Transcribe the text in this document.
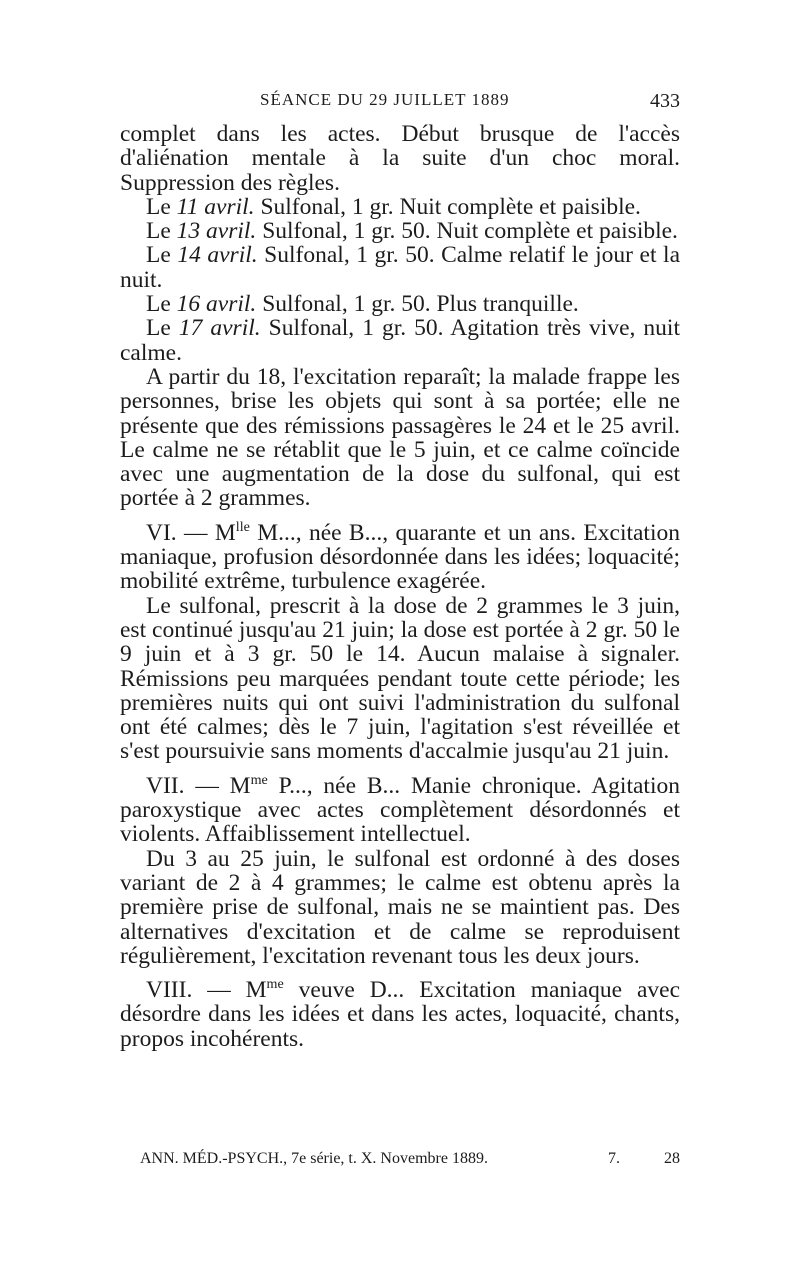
SÉANCE DU 29 JUILLET 1889	433

complet dans les actes. Début brusque de l'accès d'aliénation mentale à la suite d'un choc moral. Suppression des règles.

Le 11 avril. Sulfonal, 1 gr. Nuit complète et paisible.

Le 13 avril. Sulfonal, 1 gr. 50. Nuit complète et paisible.

Le 14 avril. Sulfonal, 1 gr. 50. Calme relatif le jour et la nuit.

Le 16 avril. Sulfonal, 1 gr. 50. Plus tranquille.

Le 17 avril. Sulfonal, 1 gr. 50. Agitation très vive, nuit calme.

A partir du 18, l'excitation reparaît; la malade frappe les personnes, brise les objets qui sont à sa portée; elle ne présente que des rémissions passagères le 24 et le 25 avril. Le calme ne se rétablit que le 5 juin, et ce calme coïncide avec une augmentation de la dose du sulfonal, qui est portée à 2 grammes.

VI. — $M^{lle}$ M..., née B..., quarante et un ans. Excitation maniaque, profusion désordonnée dans les idées; loquacité; mobilité extrême, turbulence exagérée.

Le sulfonal, prescrit à la dose de 2 grammes le 3 juin, est continué jusqu'au 21 juin; la dose est portée à 2 gr. 50 le 9 juin et à 3 gr. 50 le 14. Aucun malaise à signaler. Rémissions peu marquées pendant toute cette période; les premières nuits qui ont suivi l'administration du sulfonal ont été calmes; dès le 7 juin, l'agitation s'est réveillée et s'est poursuivie sans moments d'accalmie jusqu'au 21 juin.

VII. — $M^{me}$ P..., née B... Manie chronique. Agitation paroxystique avec actes complètement désordonnés et violents. Affaiblissement intellectuel.

Du 3 au 25 juin, le sulfonal est ordonné à des doses variant de 2 à 4 grammes; le calme est obtenu après la première prise de sulfonal, mais ne se maintient pas. Des alternatives d'excitation et de calme se reproduisent régulièrement, l'excitation revenant tous les deux jours.

VIII. — $M^{me}$ veuve D... Excitation maniaque avec désordre dans les idées et dans les actes, loquacité, chants, propos incohérents.

ANN. MÉD.-PSYCH., 7e série, t. X. Novembre 1889.	7.	28
